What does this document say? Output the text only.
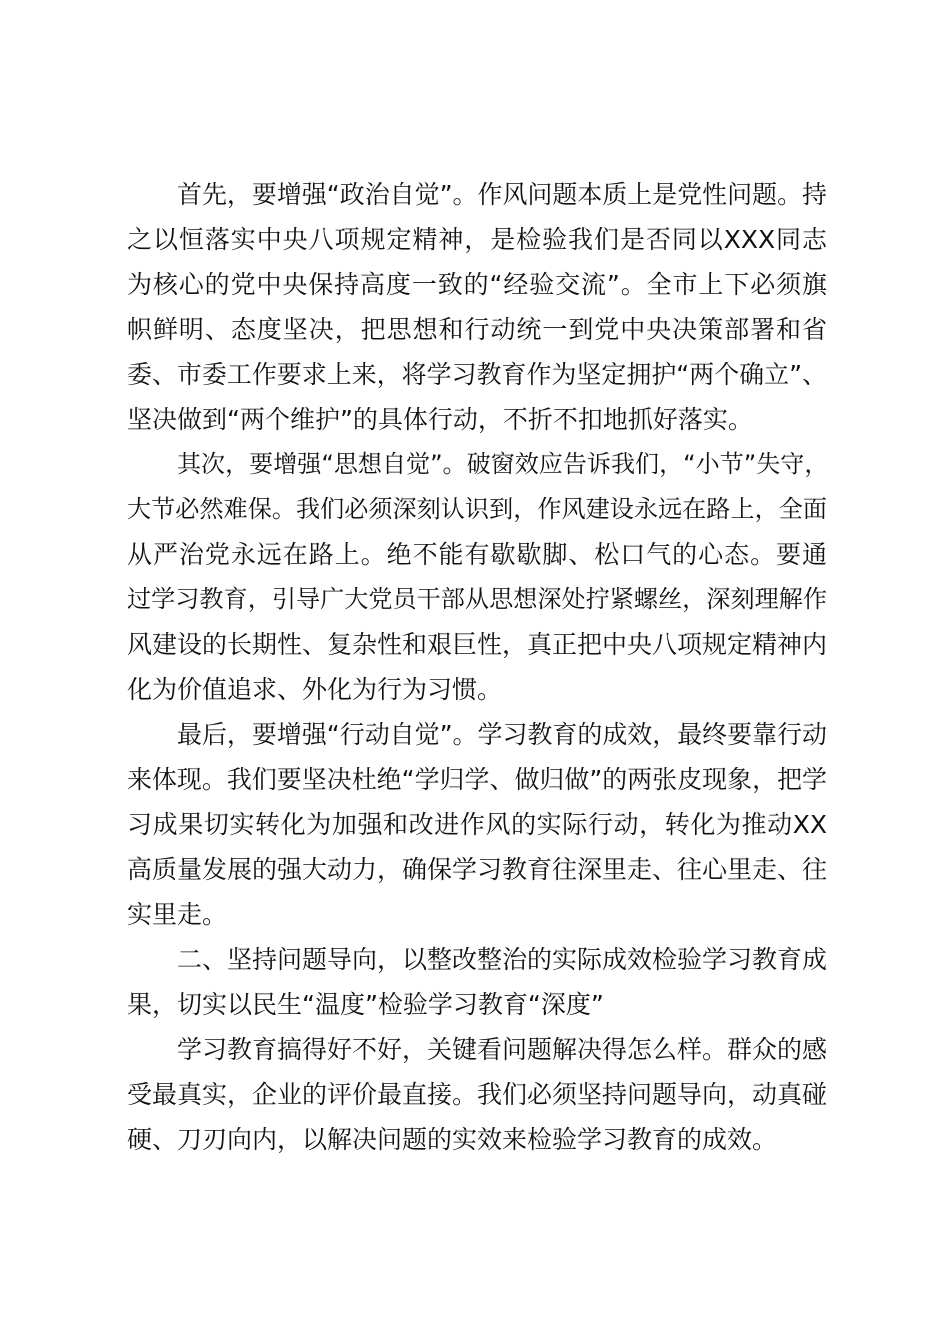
首先，要增强“政治自觉”。作风问题本质上是党性问题。持
之以恒落实中央八项规定精神，是检验我们是否同以XXX同志
为核心的党中央保持高度一致的“经验交流”。全市上下必须旗
帜鲜明、态度坚决，把思想和行动统一到党中央决策部署和省
委、市委工作要求上来，将学习教育作为坚定拥护“两个确立”、
坚决做到“两个维护”的具体行动，不折不扣地抓好落实。
其次，要增强“思想自觉”。破窗效应告诉我们，“小节”失守，
大节必然难保。我们必须深刻认识到，作风建设永远在路上，全面
从严治党永远在路上。绝不能有歇歇脚、松口气的心态。要通
过学习教育，引导广大党员干部从思想深处拧紧螺丝，深刻理解作
风建设的长期性、复杂性和艰巨性，真正把中央八项规定精神内
化为价值追求、外化为行为习惯。
最后，要增强“行动自觉”。学习教育的成效，最终要靠行动
来体现。我们要坚决杜绝“学归学、做归做”的两张皮现象，把学
习成果切实转化为加强和改进作风的实际行动，转化为推动XX
高质量发展的强大动力，确保学习教育往深里走、往心里走、往
实里走。
二、坚持问题导向，以整改整治的实际成效检验学习教育成
果，切实以民生“温度”检验学习教育“深度”
学习教育搞得好不好，关键看问题解决得怎么样。群众的感
受最真实，企业的评价最直接。我们必须坚持问题导向，动真碰
硬、刀刃向内，以解决问题的实效来检验学习教育的成效。
